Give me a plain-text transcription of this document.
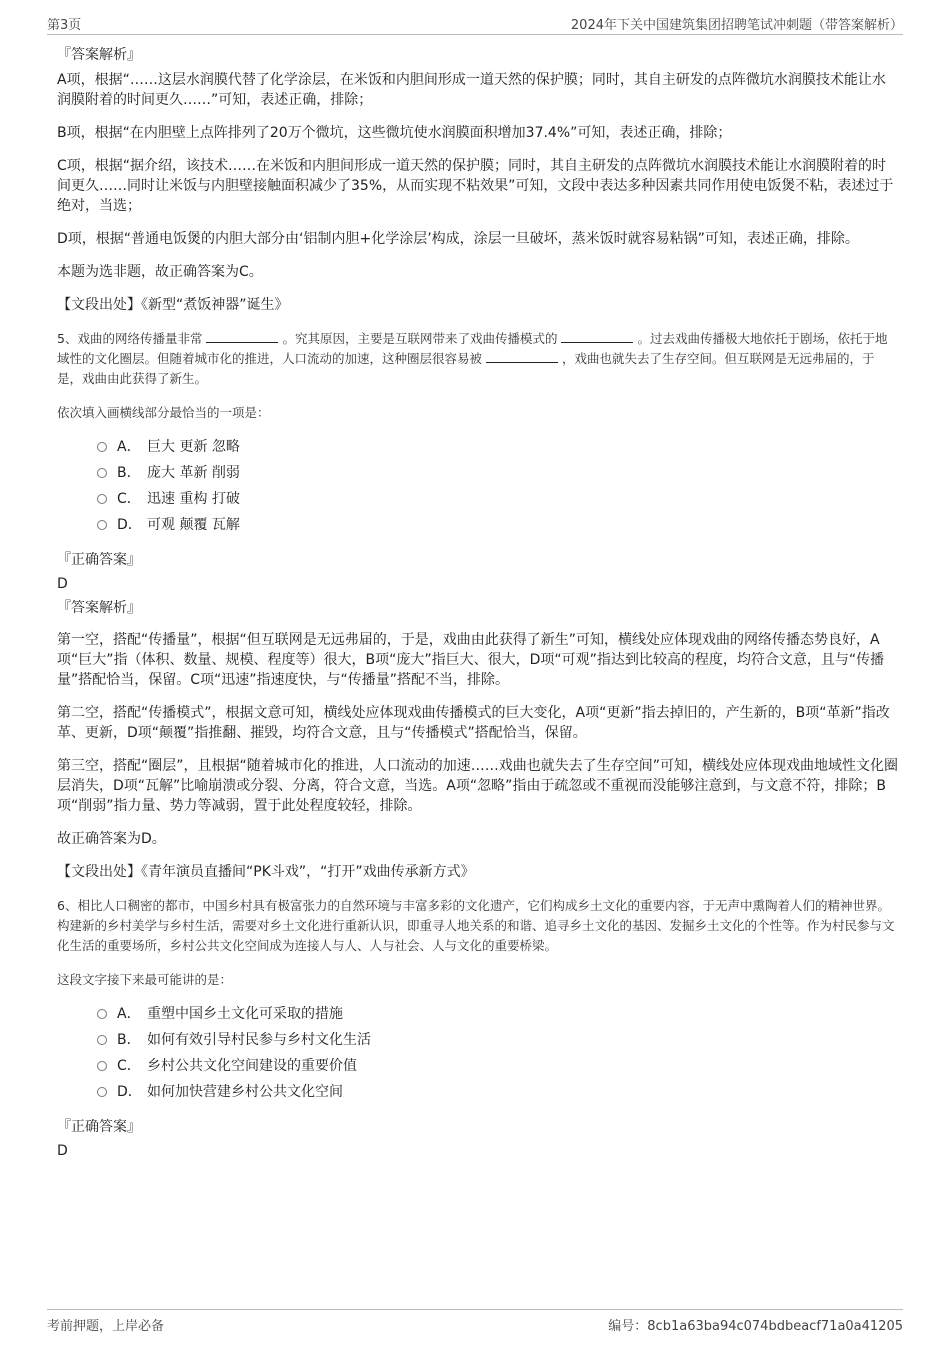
第3页	2024年下关中国建筑集团招聘笔试冲刺题（带答案解析）
『答案解析』

A项，根据“……这层水润膜代替了化学涂层，在米饭和内胆间形成一道天然的保护膜；同时，其自主研发的点阵微坑水润膜技术能让水润膜附着的时间更久……”可知，表述正确，排除；

B项，根据“在内胆壁上点阵排列了20万个微坑，这些微坑使水润膜面积增加37.4%”可知，表述正确，排除；

C项，根据“据介绍，该技术……在米饭和内胆间形成一道天然的保护膜；同时，其自主研发的点阵微坑水润膜技术能让水润膜附着的时间更久……同时让米饭与内胆壁接触面积减少了35%，从而实现不粘效果”可知，文段中表达多种因素共同作用使电饭煲不粘，表述过于绝对，当选；

D项，根据“普通电饭煲的内胆大部分由‘铝制内胆+化学涂层’构成，涂层一旦破坏，蒸米饭时就容易粘锅”可知，表述正确，排除。

本题为选非题，故正确答案为C。

【文段出处】《新型“煮饭神器”诞生》

5、戏曲的网络传播量非常	。究其原因，主要是互联网带来了戏曲传播模式的	。过去戏曲传播极大地依托于剧场，依托于地域性的文化圈层。但随着城市化的推进，人口流动的加速，这种圈层很容易被	，戏曲也就失去了生存空间。但互联网是无远弗届的，于是，戏曲由此获得了新生。

依次填入画横线部分最恰当的一项是：

A． 巨大 更新 忽略
B． 庞大 革新 削弱
C． 迅速 重构 打破
D． 可观 颠覆 瓦解
『正确答案』
D
『答案解析』

第一空，搭配“传播量”，根据“但互联网是无远弗届的，于是，戏曲由此获得了新生”可知，横线处应体现戏曲的网络传播态势良好，A项“巨大”指（体积、数量、规模、程度等）很大，B项“庞大”指巨大、很大，D项“可观”指达到比较高的程度，均符合文意，且与“传播量”搭配恰当，保留。C项“迅速”指速度快，与“传播量”搭配不当，排除。

第二空，搭配“传播模式”，根据文意可知，横线处应体现戏曲传播模式的巨大变化，A项“更新”指去掉旧的，产生新的，B项“革新”指改革、更新，D项“颠覆”指推翻、摧毁，均符合文意，且与“传播模式”搭配恰当，保留。

第三空，搭配“圈层”，且根据“随着城市化的推进，人口流动的加速……戏曲也就失去了生存空间”可知，横线处应体现戏曲地域性文化圈层消失，D项“瓦解”比喻崩溃或分裂、分离，符合文意，当选。A项“忽略”指由于疏忽或不重视而没能够注意到，与文意不符，排除；B项“削弱”指力量、势力等减弱，置于此处程度较轻，排除。

故正确答案为D。

【文段出处】《青年演员直播间“PK斗戏”，“打开”戏曲传承新方式》

6、相比人口稠密的都市，中国乡村具有极富张力的自然环境与丰富多彩的文化遗产，它们构成乡土文化的重要内容，于无声中熏陶着人们的精神世界。构建新的乡村美学与乡村生活，需要对乡土文化进行重新认识，即重寻人地关系的和谐、追寻乡土文化的基因、发掘乡土文化的个性等。作为村民参与文化生活的重要场所，乡村公共文化空间成为连接人与人、人与社会、人与文化的重要桥梁。

这段文字接下来最可能讲的是：

A． 重塑中国乡土文化可采取的措施
B． 如何有效引导村民参与乡村文化生活
C． 乡村公共文化空间建设的重要价值
D． 如何加快营建乡村公共文化空间
『正确答案』
D
考前押题，上岸必备	编号：8cb1a63ba94c074bdbeacf71a0a41205
